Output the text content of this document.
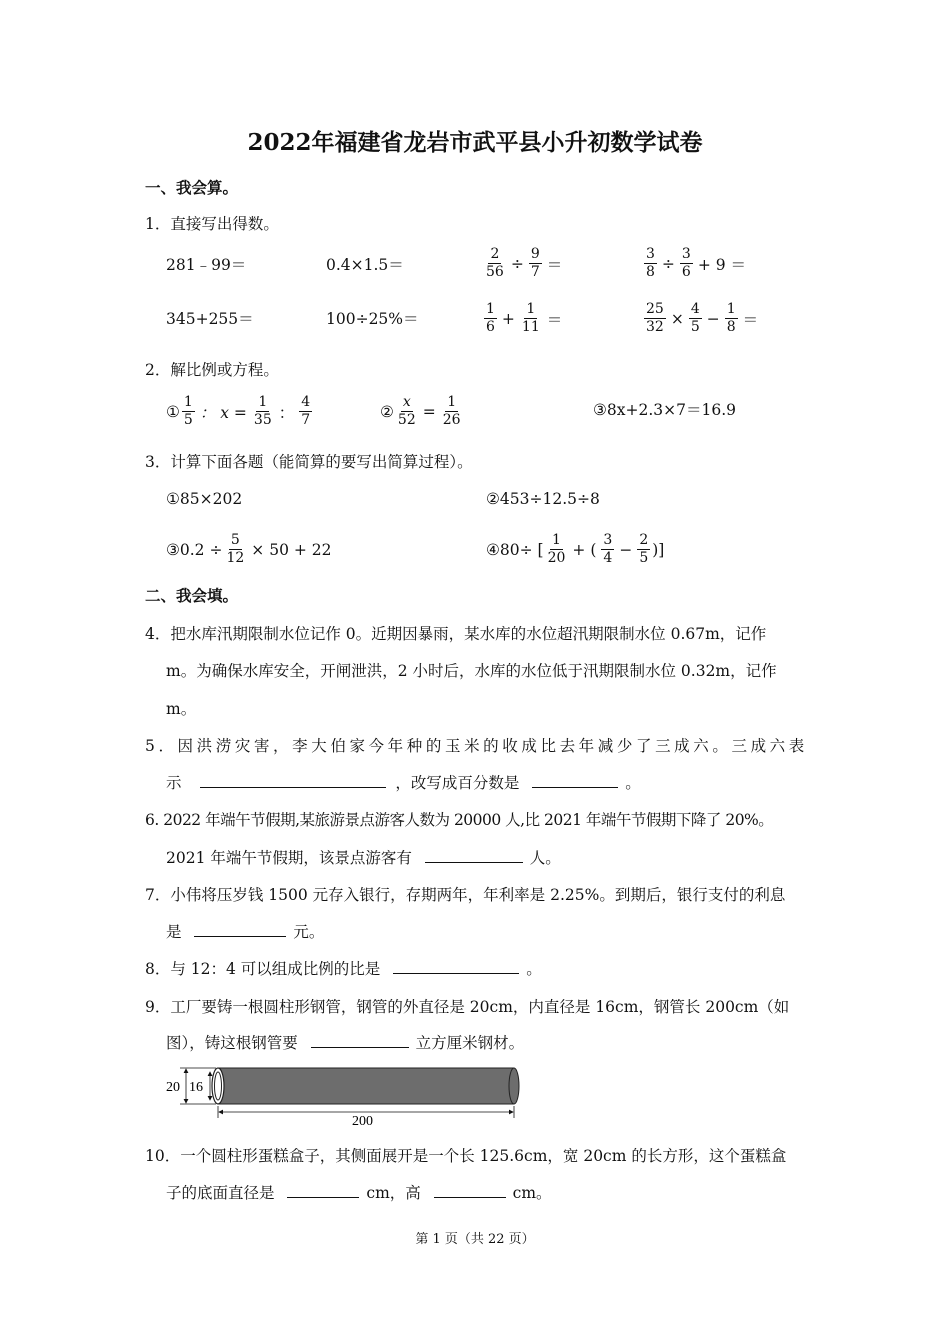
2022年福建省龙岩市武平县小升初数学试卷
一、我会算。
1．直接写出得数。
281﹣99＝	0.4×1.5＝	$\frac{2}{56} \div \frac{9}{7}$ ＝	$\frac{3}{8} \div \frac{3}{6} + 9$ ＝
345+255＝	100÷25%＝	$\frac{1}{6} + \frac{1}{11}$ ＝	$\frac{25}{32} \times \frac{4}{5} - \frac{1}{8}$ ＝
2．解比例或方程。
① $\frac{1}{5}$ ： $x = \frac{1}{35}$ ： $\frac{4}{7}$	② $\frac{x}{52} = \frac{1}{26}$	③8x+2.3×7＝16.9
3．计算下面各题（能简算的要写出简算过程）。
①85×202	②453÷12.5÷8
③0.2 ÷ $\frac{5}{12} \times 50 + 22$	④80÷ [ $\frac{1}{20}$ + ( $\frac{3}{4} - \frac{2}{5}$ )]
二、我会填。
4．把水库汛期限制水位记作 0。近期因暴雨，某水库的水位超汛期限制水位 0.67m，记作
m。为确保水库安全，开闸泄洪，2 小时后，水库的水位低于汛期限制水位 0.32m，记作
m。
5．因洪涝灾害，李大伯家今年种的玉米的收成比去年减少了三成六。三成六表
示	，改写成百分数是	。
6. 2022 年端午节假期,某旅游景点游客人数为 20000 人,比 2021 年端午节假期下降了 20%。
2021 年端午节假期，该景点游客有	人。
7．小伟将压岁钱 1500 元存入银行，存期两年，年利率是 2.25%。到期后，银行支付的利息
是	元。
8．与 12：4 可以组成比例的比是	。
9．工厂要铸一根圆柱形钢管，钢管的外直径是 20cm，内直径是 16cm，钢管长 200cm（如
图），铸这根钢管要	立方厘米钢材。
20 16
200
10．一个圆柱形蛋糕盒子，其侧面展开是一个长 125.6cm，宽 20cm 的长方形，这个蛋糕盒
子的底面直径是	cm，高	cm。
第 1 页（共 22 页）
